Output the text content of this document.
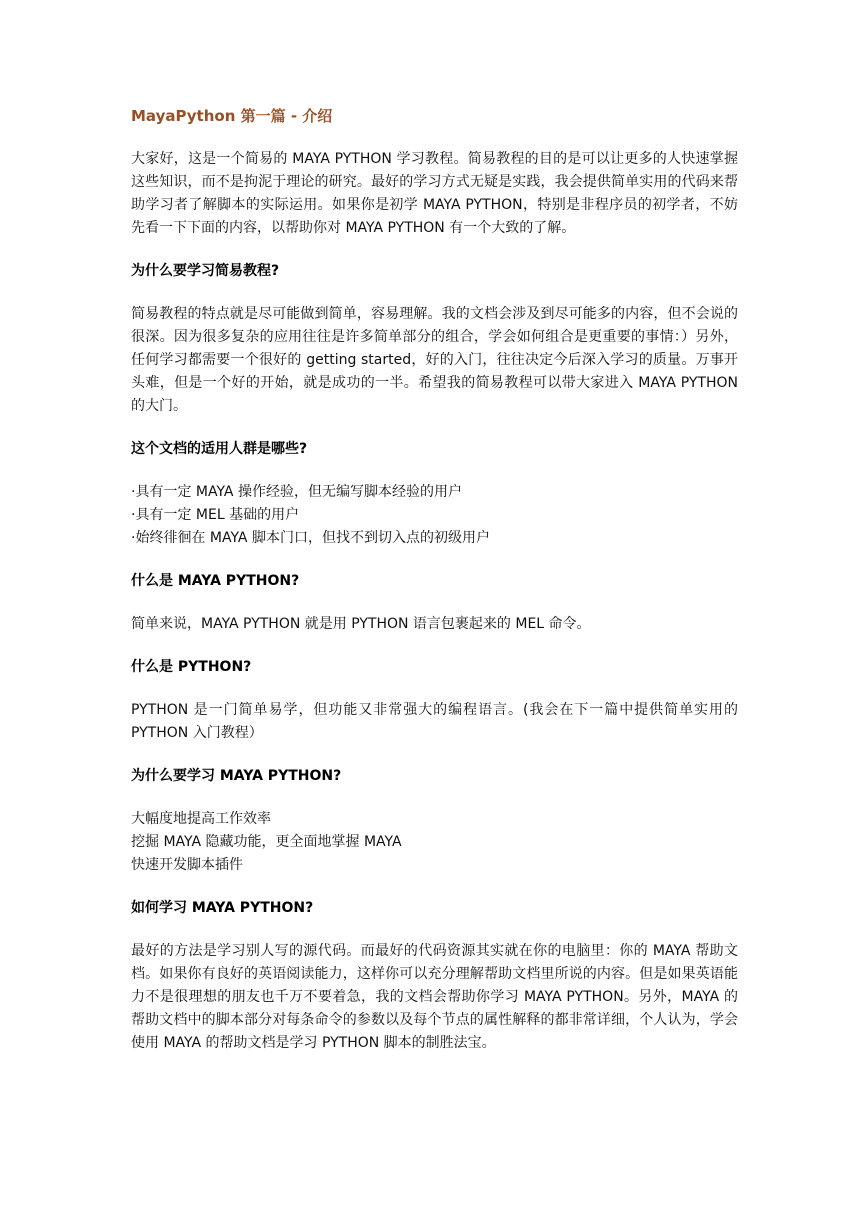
MayaPython 第一篇 - 介绍

大家好，这是一个简易的 MAYA PYTHON 学习教程。简易教程的目的是可以让更多的人快速掌握这些知识，而不是拘泥于理论的研究。最好的学习方式无疑是实践，我会提供简单实用的代码来帮助学习者了解脚本的实际运用。如果你是初学 MAYA PYTHON，特别是非程序员的初学者，不妨先看一下下面的内容，以帮助你对 MAYA PYTHON 有一个大致的了解。

为什么要学习简易教程?

简易教程的特点就是尽可能做到简单，容易理解。我的文档会涉及到尽可能多的内容，但不会说的很深。因为很多复杂的应用往往是许多简单部分的组合，学会如何组合是更重要的事情：）另外，任何学习都需要一个很好的 getting started，好的入门，往往决定今后深入学习的质量。万事开头难，但是一个好的开始，就是成功的一半。希望我的简易教程可以带大家进入 MAYA PYTHON 的大门。

这个文档的适用人群是哪些?
·具有一定 MAYA 操作经验，但无编写脚本经验的用户
·具有一定 MEL 基础的用户
·始终徘徊在 MAYA 脚本门口，但找不到切入点的初级用户
什么是 MAYA PYTHON?

简单来说，MAYA PYTHON 就是用 PYTHON 语言包裹起来的 MEL 命令。

什么是 PYTHON?

PYTHON 是一门简单易学，但功能又非常强大的编程语言。(我会在下一篇中提供简单实用的 PYTHON 入门教程）

为什么要学习 MAYA PYTHON?
大幅度地提高工作效率
挖掘 MAYA 隐藏功能，更全面地掌握 MAYA
快速开发脚本插件
如何学习 MAYA PYTHON?

最好的方法是学习别人写的源代码。而最好的代码资源其实就在你的电脑里：你的 MAYA 帮助文档。如果你有良好的英语阅读能力，这样你可以充分理解帮助文档里所说的内容。但是如果英语能力不是很理想的朋友也千万不要着急，我的文档会帮助你学习 MAYA PYTHON。另外，MAYA 的帮助文档中的脚本部分对每条命令的参数以及每个节点的属性解释的都非常详细，个人认为，学会使用 MAYA 的帮助文档是学习 PYTHON 脚本的制胜法宝。
